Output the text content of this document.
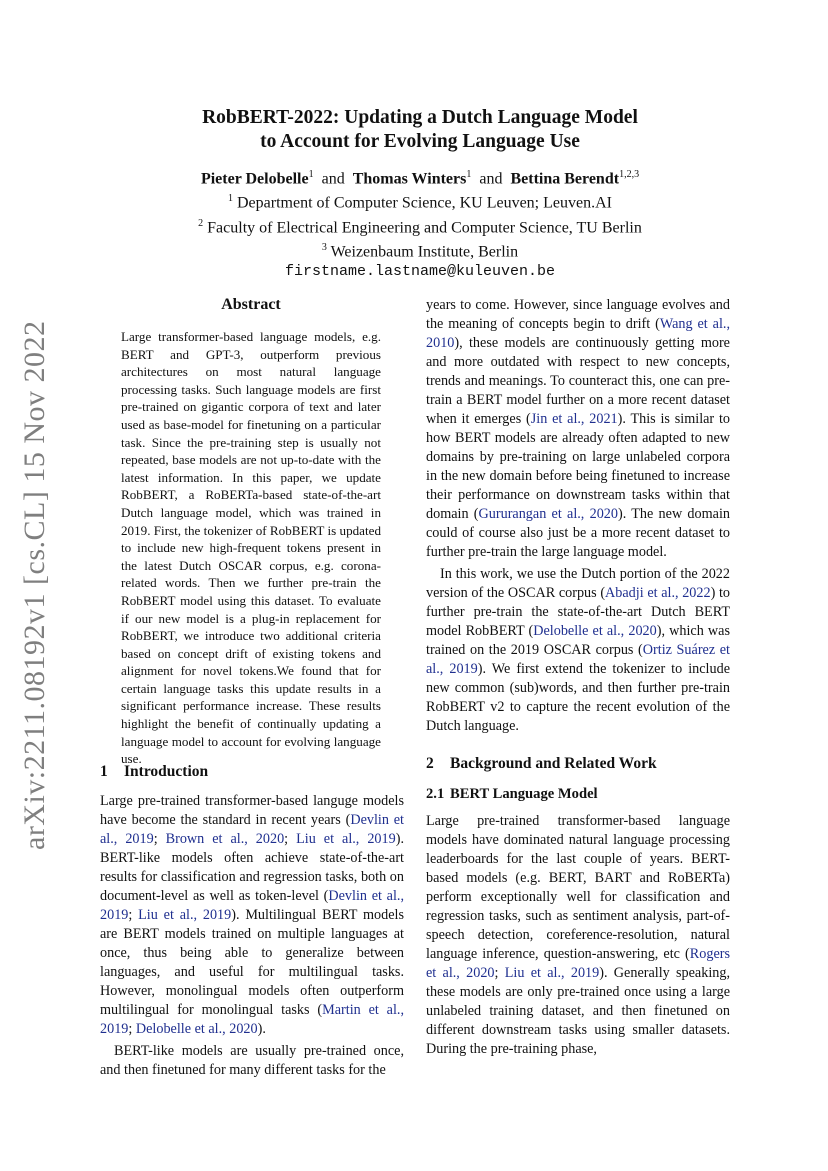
arXiv:2211.08192v1 [cs.CL] 15 Nov 2022
RobBERT-2022: Updating a Dutch Language Model
to Account for Evolving Language Use
Pieter Delobelle$^1$ and Thomas Winters$^1$ and Bettina Berendt$^{1,2,3}$
$^1$ Department of Computer Science, KU Leuven; Leuven.AI
$^2$ Faculty of Electrical Engineering and Computer Science, TU Berlin
$^3$ Weizenbaum Institute, Berlin
firstname.lastname@kuleuven.be
Abstract
Large transformer-based language models, e.g. BERT and GPT-3, outperform previous architectures on most natural language processing tasks. Such language models are first pre-trained on gigantic corpora of text and later used as base-model for finetuning on a particular task. Since the pre-training step is usually not repeated, base models are not up-to-date with the latest information. In this paper, we update RobBERT, a RoBERTa-based state-of-the-art Dutch language model, which was trained in 2019. First, the tokenizer of RobBERT is updated to include new high-frequent tokens present in the latest Dutch OSCAR corpus, e.g. corona-related words. Then we further pre-train the RobBERT model using this dataset. To evaluate if our new model is a plug-in replacement for RobBERT, we introduce two additional criteria based on concept drift of existing tokens and alignment for novel tokens.We found that for certain language tasks this update results in a significant performance increase. These results highlight the benefit of continually updating a language model to account for evolving language use.
1 Introduction

Large pre-trained transformer-based languge models have become the standard in recent years (Devlin et al., 2019; Brown et al., 2020; Liu et al., 2019). BERT-like models often achieve state-of-the-art results for classification and regression tasks, both on document-level as well as token-level (Devlin et al., 2019; Liu et al., 2019). Multilingual BERT models are BERT models trained on multiple languages at once, thus being able to generalize between languages, and useful for multilingual tasks. However, monolingual models often outperform multilingual for monolingual tasks (Martin et al., 2019; Delobelle et al., 2020).

BERT-like models are usually pre-trained once, and then finetuned for many different tasks for the

years to come. However, since language evolves and the meaning of concepts begin to drift (Wang et al., 2010), these models are continuously getting more and more outdated with respect to new concepts, trends and meanings. To counteract this, one can pre-train a BERT model further on a more recent dataset when it emerges (Jin et al., 2021). This is similar to how BERT models are already often adapted to new domains by pre-training on large unlabeled corpora in the new domain before being finetuned to increase their performance on downstream tasks within that domain (Gururangan et al., 2020). The new domain could of course also just be a more recent dataset to further pre-train the large language model.

In this work, we use the Dutch portion of the 2022 version of the OSCAR corpus (Abadji et al., 2022) to further pre-train the state-of-the-art Dutch BERT model RobBERT (Delobelle et al., 2020), which was trained on the 2019 OSCAR corpus (Ortiz Suárez et al., 2019). We first extend the tokenizer to include new common (sub)words, and then further pre-train RobBERT v2 to capture the recent evolution of the Dutch language.

2 Background and Related Work
2.1 BERT Language Model

Large pre-trained transformer-based language models have dominated natural language processing leaderboards for the last couple of years. BERT-based models (e.g. BERT, BART and RoBERTa) perform exceptionally well for classification and regression tasks, such as sentiment analysis, part-of-speech detection, coreference-resolution, natural language inference, question-answering, etc (Rogers et al., 2020; Liu et al., 2019). Generally speaking, these models are only pre-trained once using a large unlabeled training dataset, and then finetuned on different downstream tasks using smaller datasets. During the pre-training phase,
